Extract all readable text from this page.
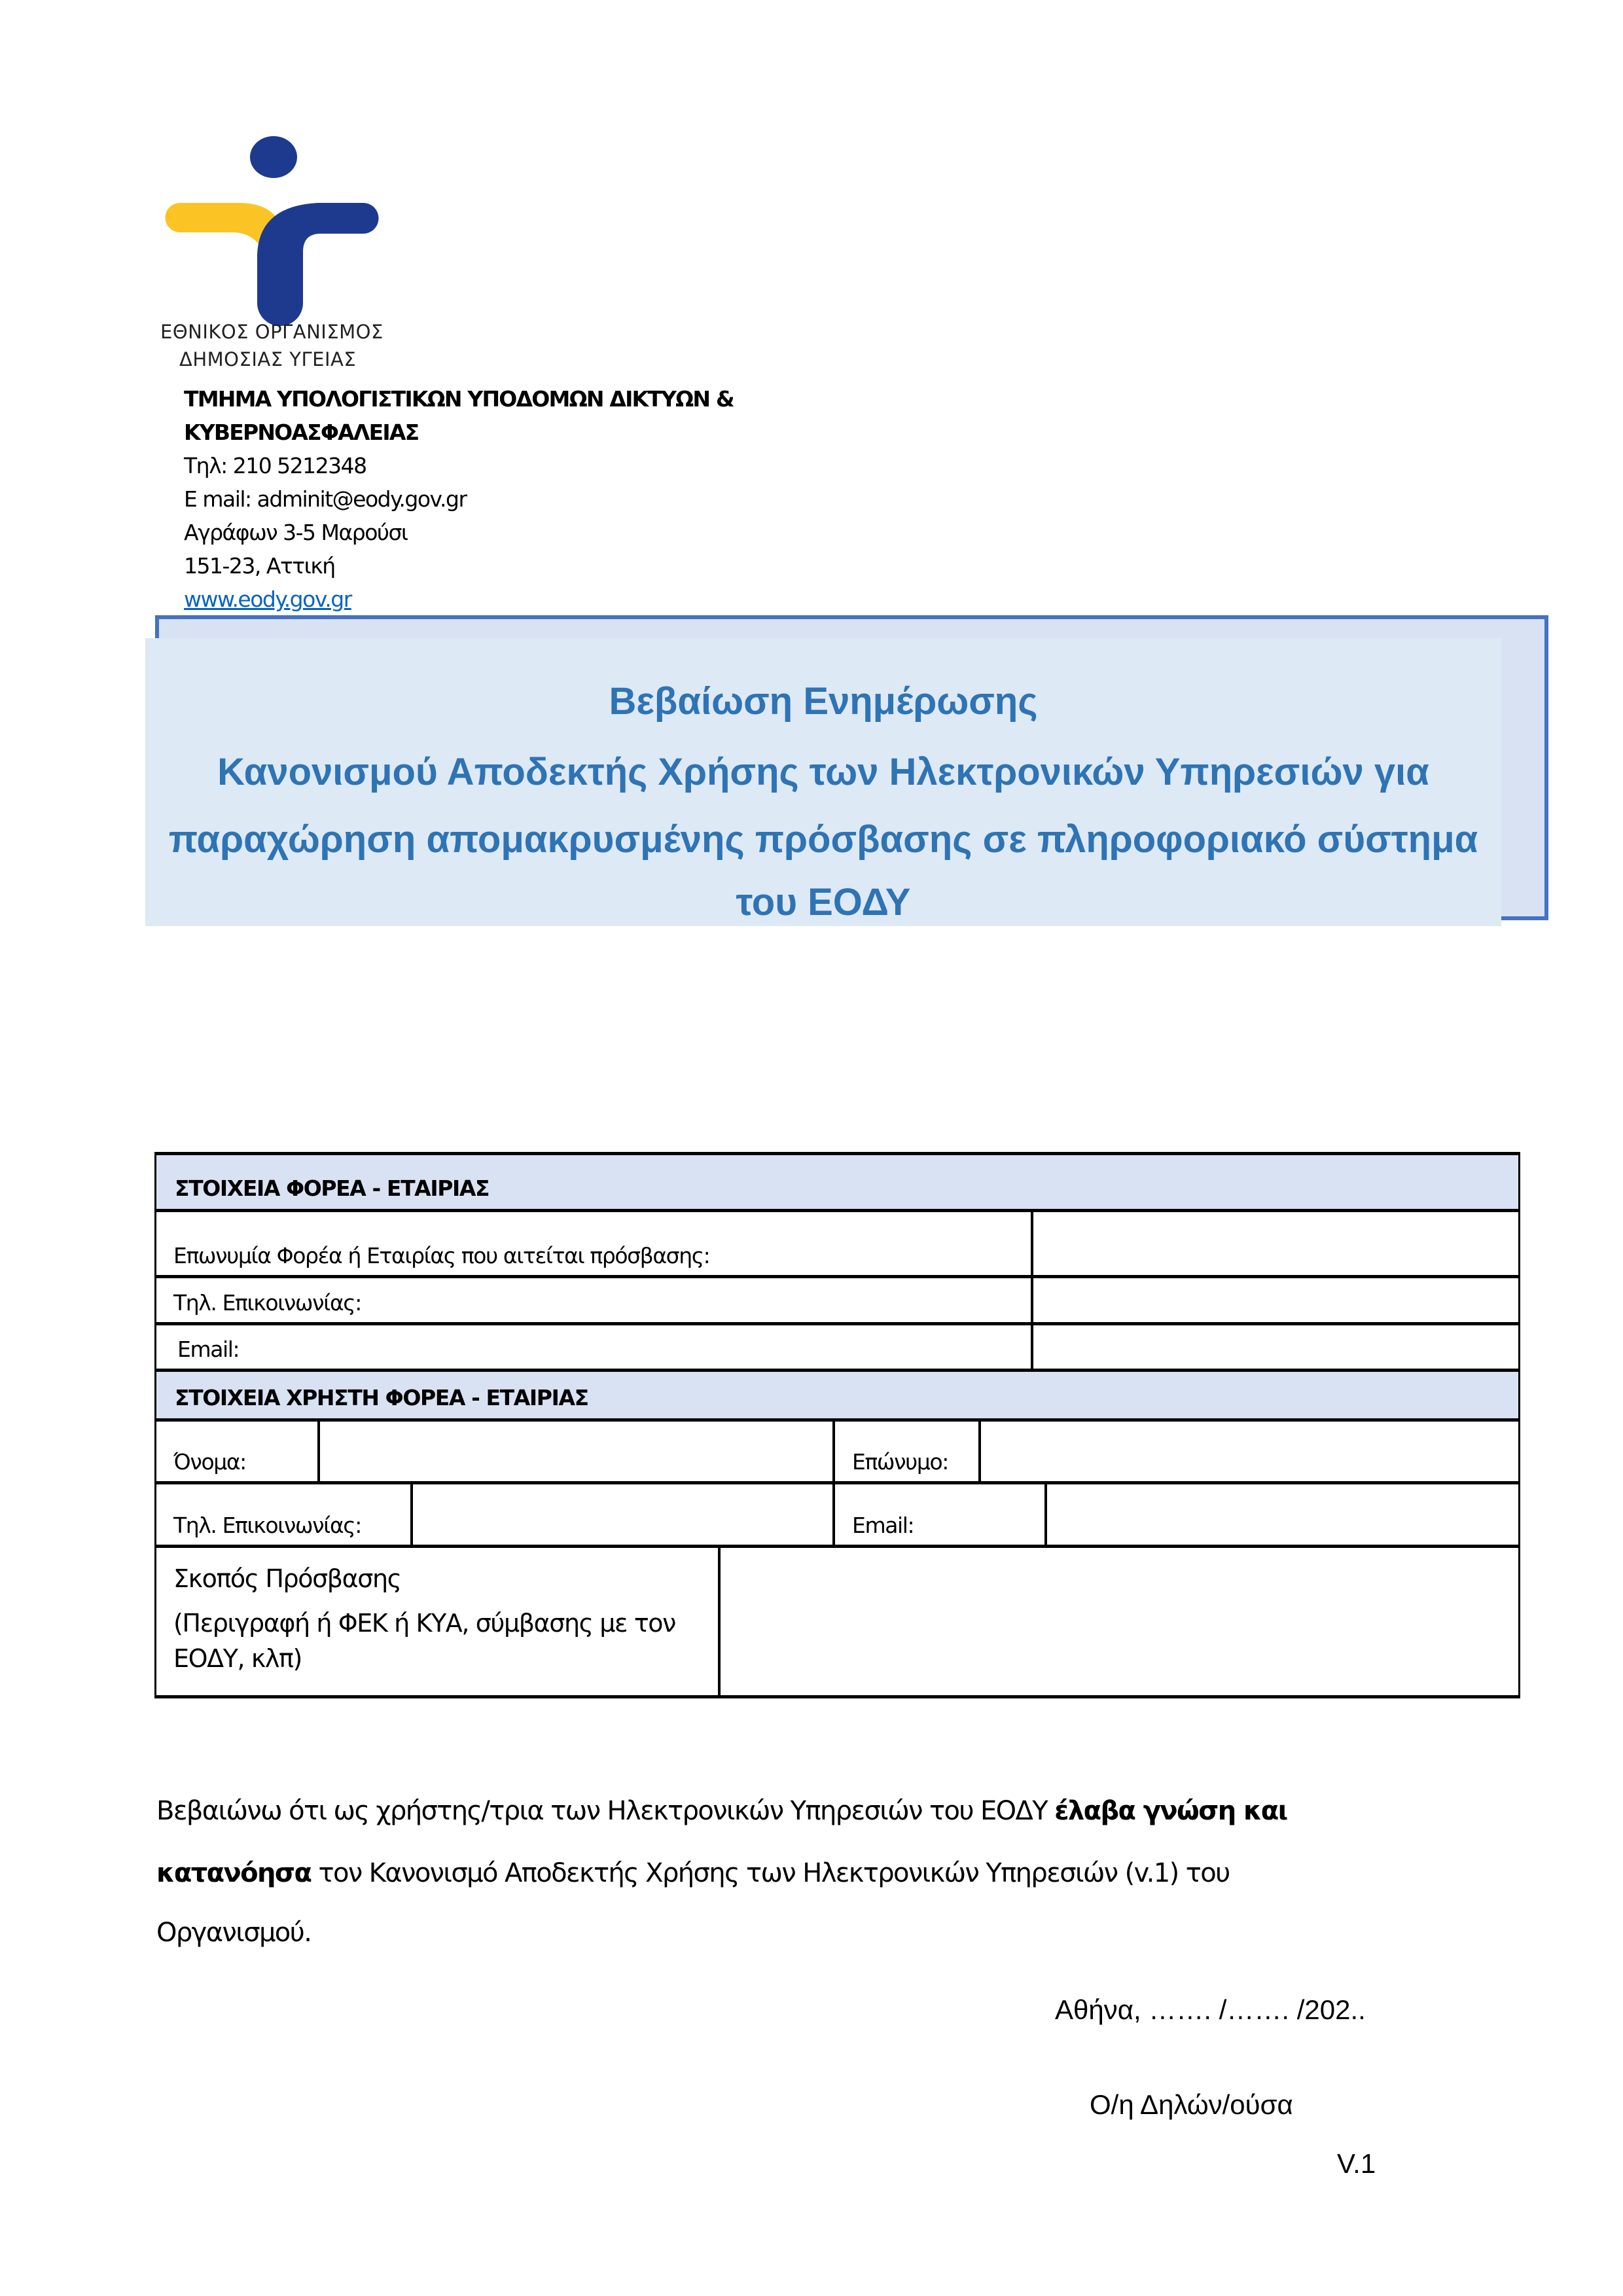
ΕΘΝΙΚΟΣ ΟΡΓΑΝΙΣΜΟΣ
ΔΗΜΟΣΙΑΣ ΥΓΕΙΑΣ
ΤΜΗΜΑ ΥΠΟΛΟΓΙΣΤΙΚΩΝ ΥΠΟΔΟΜΩΝ ΔΙΚΤΥΩΝ &
ΚΥΒΕΡΝΟΑΣΦΑΛΕΙΑΣ
Τηλ: 210 5212348
E mail: adminit@eody.gov.gr
Αγράφων 3-5 Μαρούσι
151-23, Αττική
www.eody.gov.gr
Βεβαίωση Ενημέρωσης
Κανονισμού Αποδεκτής Χρήσης των Ηλεκτρονικών Υπηρεσιών για
παραχώρηση απομακρυσμένης πρόσβασης σε πληροφοριακό σύστημα
του ΕΟΔΥ
ΣΤΟΙΧΕΙΑ ΦΟΡΕΑ - ΕΤΑΙΡΙΑΣ
Επωνυμία Φορέα ή Εταιρίας που αιτείται πρόσβασης:
Τηλ. Επικοινωνίας:
Email:
ΣΤΟΙΧΕΙΑ ΧΡΗΣΤΗ ΦΟΡΕΑ - ΕΤΑΙΡΙΑΣ
Όνομα:	Επώνυμο:
Τηλ. Επικοινωνίας:	Email:
Σκοπός Πρόσβασης
(Περιγραφή ή ΦΕΚ ή ΚΥΑ, σύμβασης με τον ΕΟΔΥ, κλπ)
Βεβαιώνω ότι ως χρήστης/τρια των Ηλεκτρονικών Υπηρεσιών του ΕΟΔΥ έλαβα γνώση και
κατανόησα τον Κανονισμό Αποδεκτής Χρήσης των Ηλεκτρονικών Υπηρεσιών (v.1) του
Οργανισμού.
Αθήνα, ……. /……. /202..
Ο/η Δηλών/ούσα
V.1
